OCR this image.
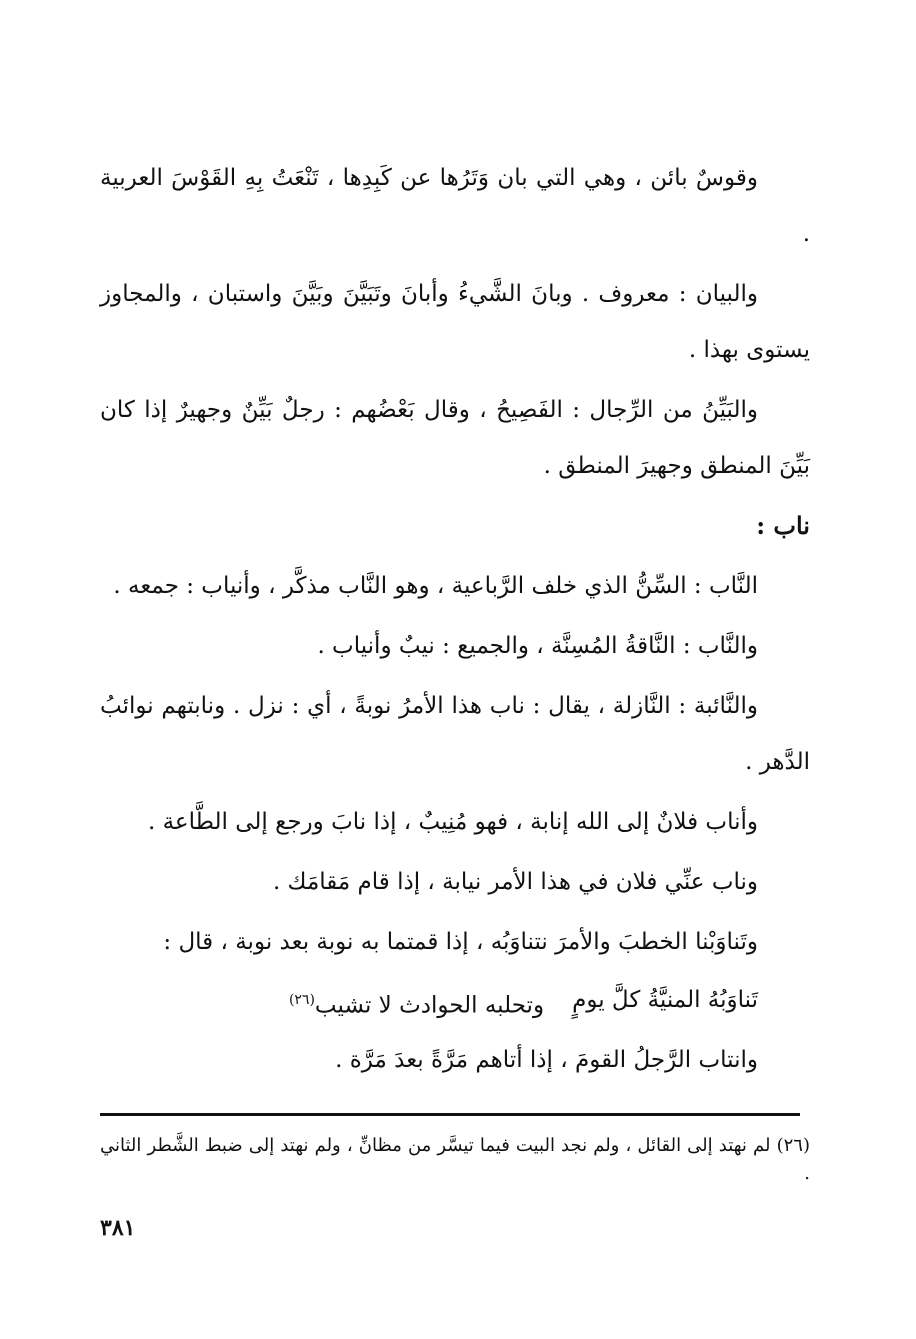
وقوسٌ بائن ، وهي التي بان وَتَرُها عن كَبِدِها ، تَنْعَتُ بِهِ القَوْسَ العربية .

والبيان : معروف . وبانَ الشَّيءُ وأبانَ وتَبَيَّنَ وبَيَّنَ واستبان ، والمجاوز يستوى بهذا .

والبَيِّنُ من الرِّجال : الفَصِيحُ ، وقال بَعْضُهم : رجلٌ بَيِّنٌ وجهيرٌ إذا كان بَيِّنَ المنطق وجهيرَ المنطق .

ناب :

النَّاب : السِّنُّ الذي خلف الرَّباعية ، وهو النَّاب مذكَّر ، وأنياب : جمعه .

والنَّاب : النَّاقةُ المُسِنَّة ، والجميع : نيبٌ وأنياب .

والنَّائبة : النَّازلة ، يقال : ناب هذا الأمرُ نوبةً ، أي : نزل . ونابتهم نوائبُ الدَّهر .

وأناب فلانٌ إلى الله إنابة ، فهو مُنِيبٌ ، إذا نابَ ورجع إلى الطَّاعة .

وناب عنِّي فلان في هذا الأمر نيابة ، إذا قام مَقامَك .

وتَناوَبْنا الخطبَ والأمرَ نتناوَبُه ، إذا قمتما به نوبة بعد نوبة ، قال :

تَناوَبُهُ المنيَّةُ كلَّ يومٍ
وتحلبه الحوادث لا تشيب$^{(٢٦)}$

وانتاب الرَّجلُ القومَ ، إذا أتاهم مَرَّةً بعدَ مَرَّة .

(٢٦) لم نهتد إلى القائل ، ولم نجد البيت فيما تيسَّر من مظانِّ ، ولم نهتد إلى ضبط الشَّطر الثاني .
٣٨١
